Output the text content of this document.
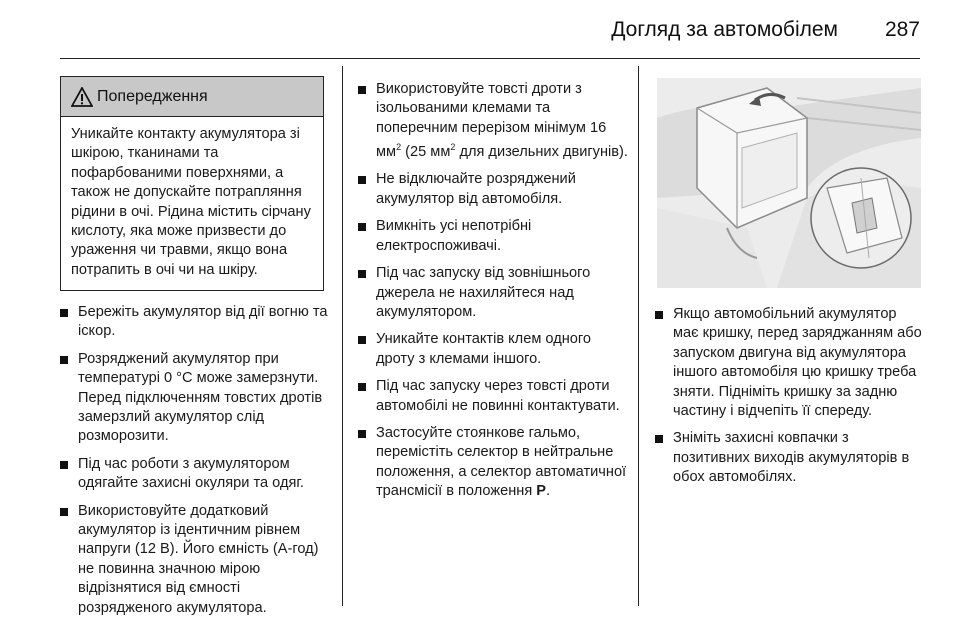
Догляд за автомобілем 287
Попередження
Уникайте контакту акумулятора зі шкірою, тканинами та пофарбованими поверхнями, а також не допускайте потрапляння рідини в очі. Рідина містить сірчану кислоту, яка може призвести до ураження чи травми, якщо вона потрапить в очі чи на шкіру.
Бережіть акумулятор від дії вогню та іскор.
Розряджений акумулятор при температурі 0 °C може замерзнути. Перед підключенням товстих дротів замерзлий акумулятор слід розморозити.
Під час роботи з акумулятором одягайте захисні окуляри та одяг.
Використовуйте додатковий акумулятор із ідентичним рівнем напруги (12 В). Його ємність (А-год) не повинна значною мірою відрізнятися від ємності розрядженого акумулятора.
Використовуйте товсті дроти з ізольованими клемами та поперечним перерізом мінімум 16 $мм^2$ (25 $мм^2$ для дизельних двигунів).
Не відключайте розряджений акумулятор від автомобіля.
Вимкніть усі непотрібні електроспоживачі.
Під час запуску від зовнішнього джерела не нахиляйтеся над акумулятором.
Уникайте контактів клем одного дроту з клемами іншого.
Під час запуску через товсті дроти автомобілі не повинні контактувати.
Застосуйте стоянкове гальмо, перемістіть селектор в нейтральне положення, а селектор автоматичної трансмісії в положення P.
Якщо автомобільний акумулятор має кришку, перед заряджанням або запуском двигуна від акумулятора іншого автомобіля цю кришку треба зняти. Підніміть кришку за задню частину і відчепіть її спереду.
Зніміть захисні ковпачки з позитивних виходів акумуляторів в обох автомобілях.
